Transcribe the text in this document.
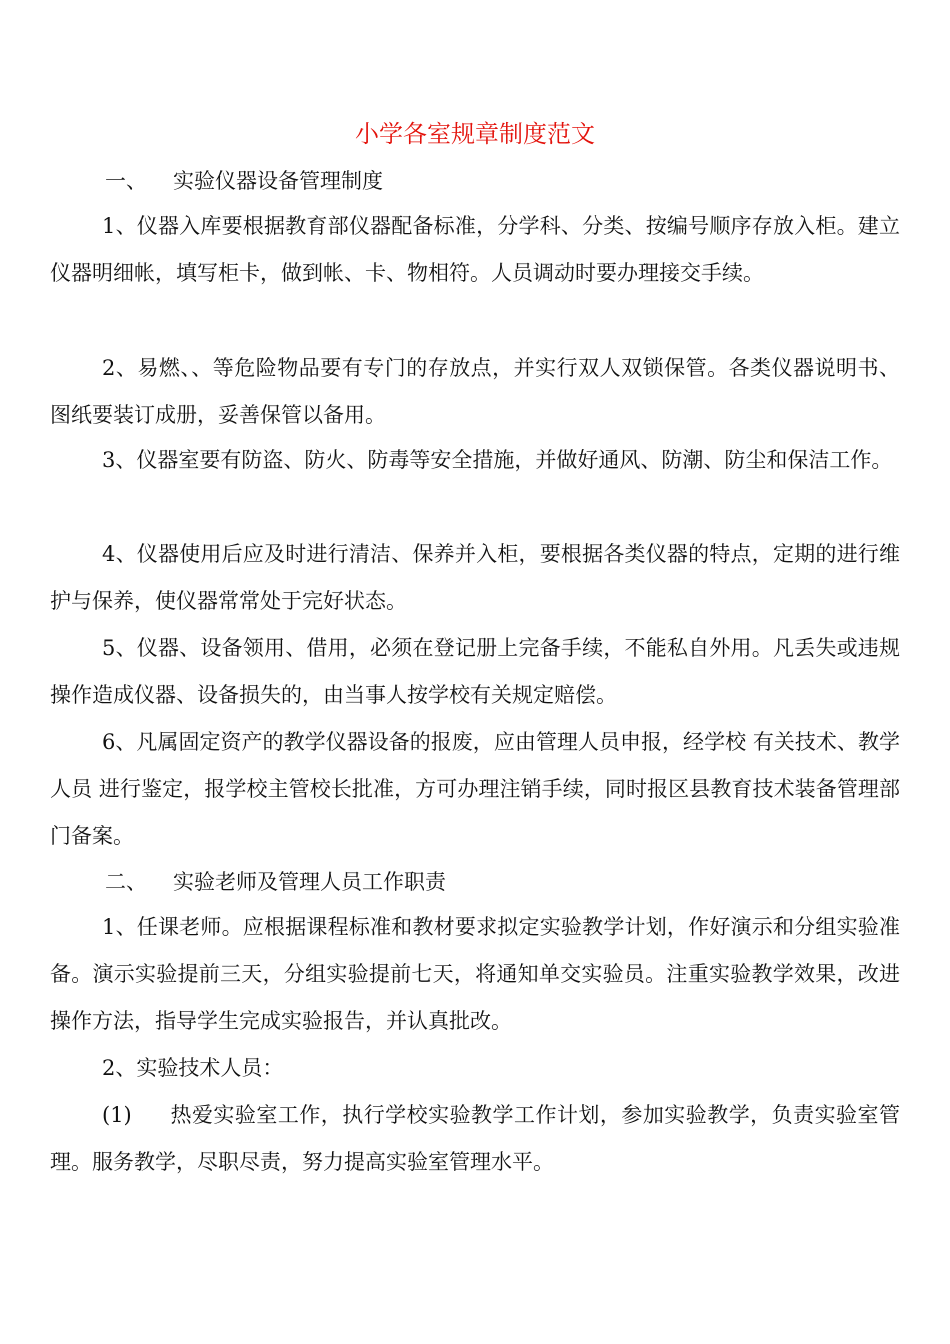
小学各室规章制度范文
一、 实验仪器设备管理制度

1、仪器入库要根据教育部仪器配备标准，分学科、分类、按编号顺序存放入柜。建立仪器明细帐，填写柜卡，做到帐、卡、物相符。人员调动时要办理接交手续。

2、易燃、、等危险物品要有专门的存放点，并实行双人双锁保管。各类仪器说明书、图纸要装订成册，妥善保管以备用。

3、仪器室要有防盗、防火、防毒等安全措施，并做好通风、防潮、防尘和保洁工作。

4、仪器使用后应及时进行清洁、保养并入柜，要根据各类仪器的特点，定期的进行维护与保养，使仪器常常处于完好状态。

5、仪器、设备领用、借用，必须在登记册上完备手续，不能私自外用。凡丢失或违规操作造成仪器、设备损失的，由当事人按学校有关规定赔偿。

6、凡属固定资产的教学仪器设备的报废，应由管理人员申报，经学校 有关技术、教学人员 进行鉴定，报学校主管校长批准，方可办理注销手续，同时报区县教育技术装备管理部门备案。

二、 实验老师及管理人员工作职责

1、任课老师。应根据课程标准和教材要求拟定实验教学计划，作好演示和分组实验准备。演示实验提前三天，分组实验提前七天，将通知单交实验员。注重实验教学效果，改进操作方法，指导学生完成实验报告，并认真批改。

2、实验技术人员：

(1) 热爱实验室工作，执行学校实验教学工作计划，参加实验教学，负责实验室管理。服务教学，尽职尽责，努力提高实验室管理水平。
